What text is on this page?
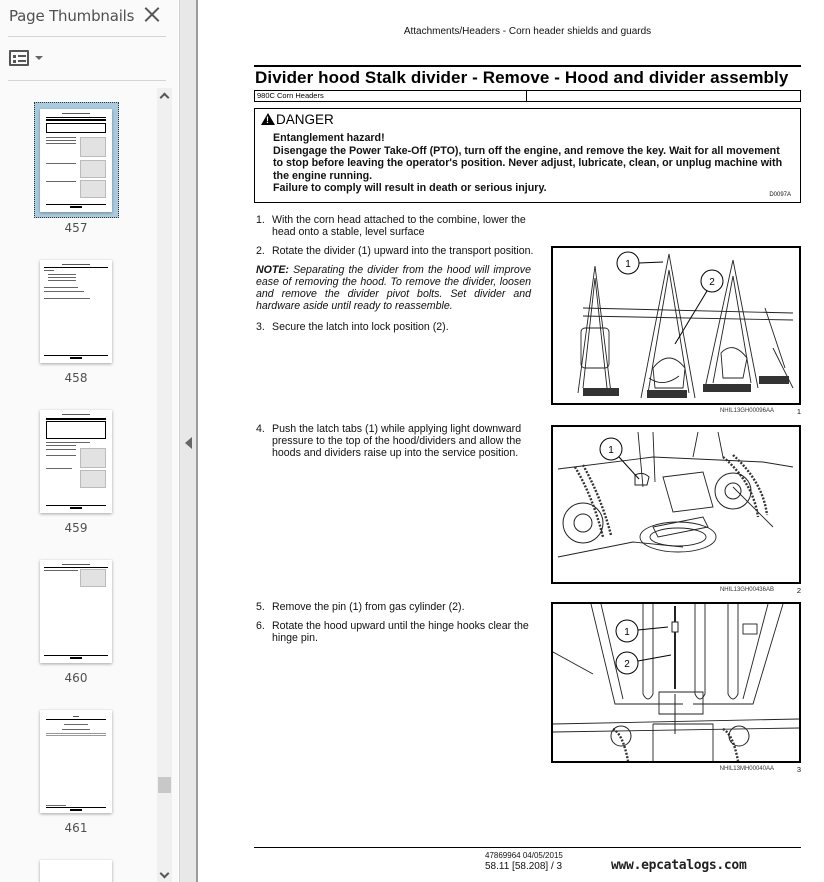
Page Thumbnails
457
458
459
460
461
Attachments/Headers - Corn header shields and guards
Divider hood Stalk divider - Remove - Hood and divider assembly
980C Corn Headers
!DANGER
Entanglement hazard!
Disengage the Power Take-Off (PTO), turn off the engine, and remove the key. Wait for all movement
to stop before leaving the operator's position. Never adjust, lubricate, clean, or unplug machine with
the engine running.
Failure to comply will result in death or serious injury.
D0097A
1. With the corn head attached to the combine, lower the head onto a stable, level surface
2. Rotate the divider (1) upward into the transport position.
NOTE: Separating the divider from the hood will improve ease of removing the hood. To remove the divider, loosen and remove the divider pivot bolts. Set divider and hardware aside until ready to reassemble.
3. Secure the latch into lock position (2).
4. Push the latch tabs (1) while applying light downward pressure to the top of the hood/dividers and allow the hoods and dividers raise up into the service position.
5. Remove the pin (1) from gas cylinder (2).
6. Rotate the hood upward until the hinge hooks clear the hinge pin.
1
2
NHIL13GH00096AA	1
1
NHIL13GH00436AB	2
1
2
NHIL13MH00040AA	3
47869964 04/05/2015
58.11 [58.208] / 3	www.epcatalogs.com
